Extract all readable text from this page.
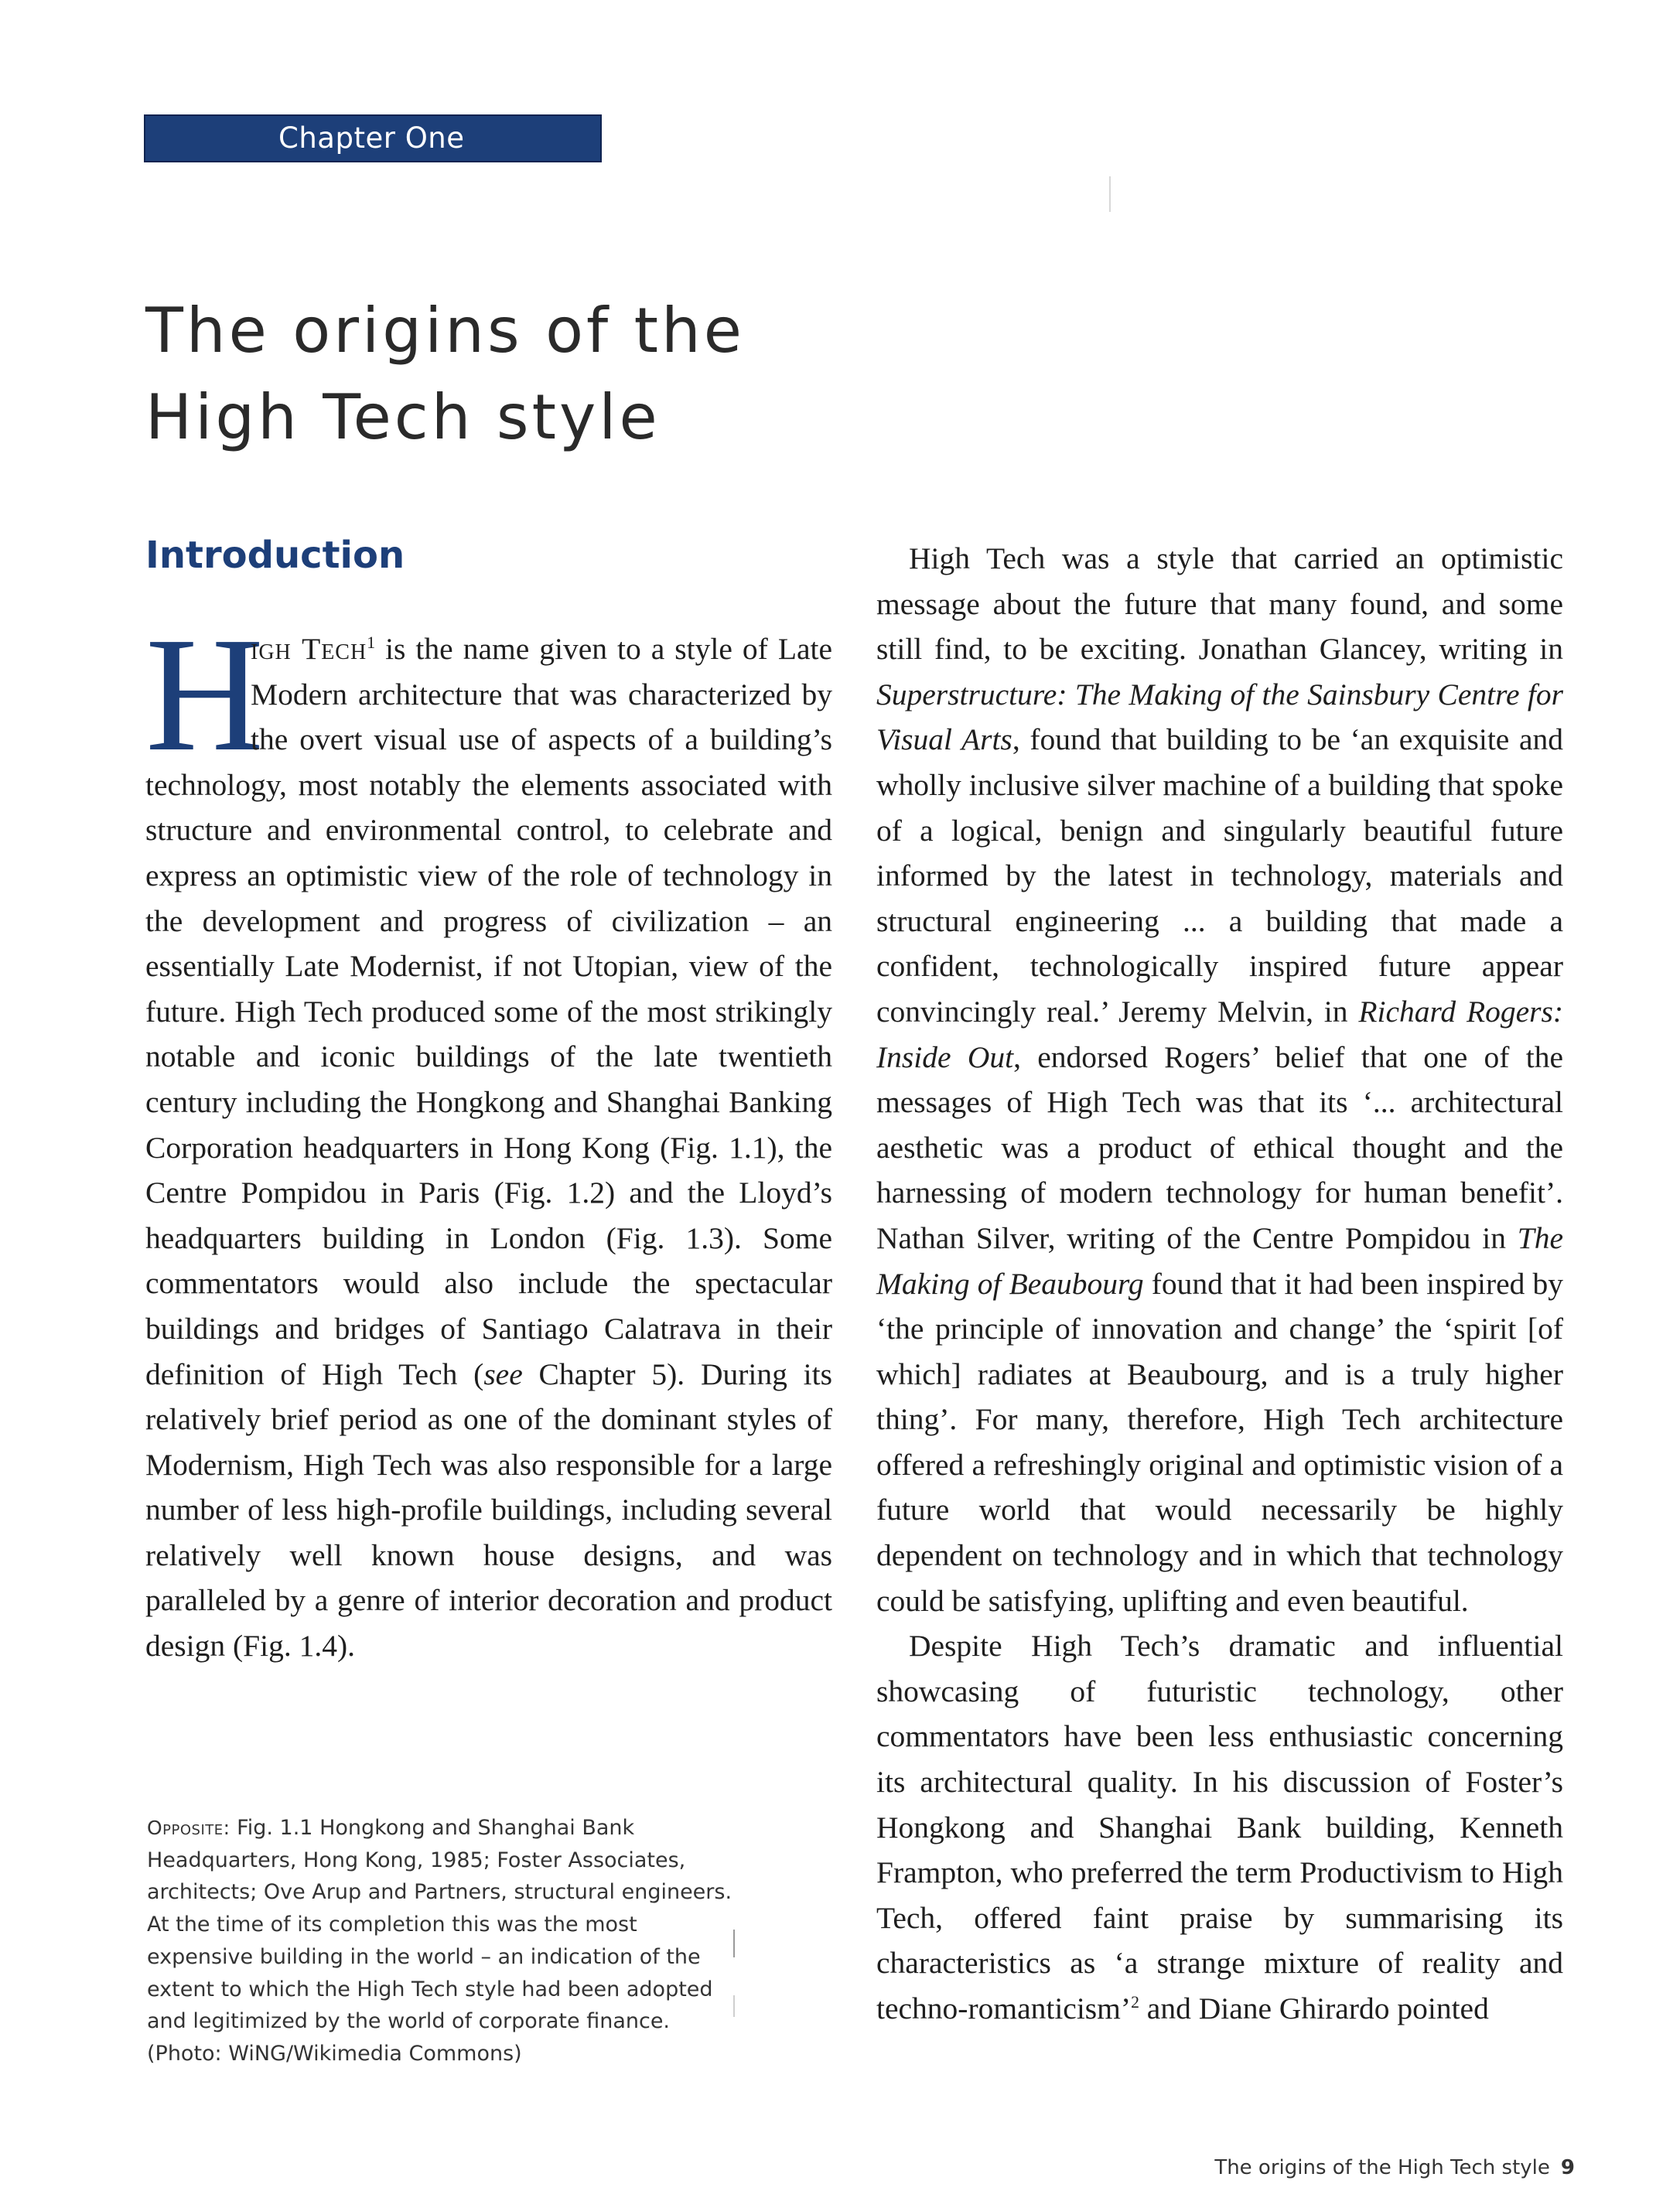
Chapter One
The origins of the
High Tech style
Introduction

H
igh Tech$^1$ is the name given to a style of Late Modern architecture that was characterized by the overt visual use of aspects of a building’s technology, most notably the elements associated with structure and environmental control, to celebrate and express an optimistic view of the role of technology in the development and progress of civilization – an essentially Late Modernist, if not Utopian, view of the future. High Tech produced some of the most strikingly notable and iconic buildings of the late twentieth century including the Hongkong and Shanghai Banking Corporation headquarters in Hong Kong (Fig. 1.1), the Centre Pompidou in Paris (Fig. 1.2) and the Lloyd’s headquarters building in London (Fig. 1.3). Some commentators would also include the spectacular buildings and bridges of Santiago Calatrava in their definition of High Tech (see Chapter 5). During its relatively brief period as one of the dominant styles of Modernism, High Tech was also responsible for a large number of less high-profile buildings, including several relatively well known house designs, and was paralleled by a genre of interior decoration and product design (Fig. 1.4).

Opposite: Fig. 1.1 Hongkong and Shanghai Bank Headquarters, Hong Kong, 1985; Foster Associates, architects; Ove Arup and Partners, structural engineers. At the time of its completion this was the most expensive building in the world – an indication of the extent to which the High Tech style had been adopted and legitimized by the world of corporate finance. (Photo: WiNG/Wikimedia Commons)

High Tech was a style that carried an optimistic message about the future that many found, and some still find, to be exciting. Jonathan Glancey, writing in Superstructure: The Making of the Sainsbury Centre for Visual Arts, found that building to be ‘an exquisite and wholly inclusive silver machine of a building that spoke of a logical, benign and singularly beautiful future informed by the latest in technology, materials and structural engineering ... a building that made a confident, technologically inspired future appear convincingly real.’ Jeremy Melvin, in Richard Rogers: Inside Out, endorsed Rogers’ belief that one of the messages of High Tech was that its ‘... architectural aesthetic was a product of ethical thought and the harnessing of modern technology for human benefit’. Nathan Silver, writing of the Centre Pompidou in The Making of Beaubourg found that it had been inspired by ‘the principle of innovation and change’ the ‘spirit [of which] radiates at Beaubourg, and is a truly higher thing’. For many, therefore, High Tech architecture offered a refreshingly original and optimistic vision of a future world that would necessarily be highly dependent on technology and in which that technology could be satisfying, uplifting and even beautiful.

Despite High Tech’s dramatic and influential showcasing of futuristic technology, other commentators have been less enthusiastic concerning its architectural quality. In his discussion of Foster’s Hongkong and Shanghai Bank building, Kenneth Frampton, who preferred the term Productivism to High Tech, offered faint praise by summarising its characteristics as ‘a strange mixture of reality and techno-romanticism’$^2$ and Diane Ghirardo pointed

The origins of the High Tech style 9
